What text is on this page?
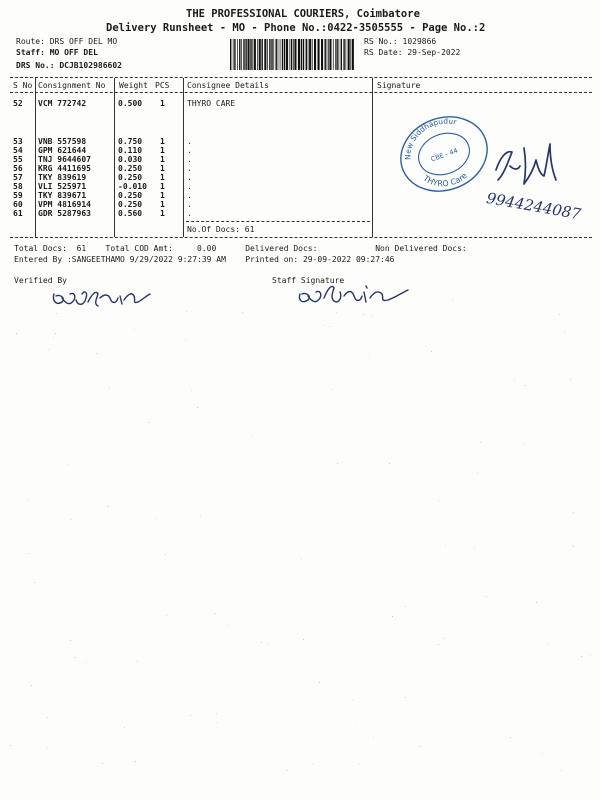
THE PROFESSIONAL COURIERS, Coimbatore
Delivery Runsheet - MO - Phone No.:0422-3505555 - Page No.:2
Route: DRS OFF DEL MO
Staff: MO OFF DEL
DRS No.: DCJB102986602
RS No.: 1029866
RS Date: 29-Sep-2022
S No Consignment No Weight PCS Consignee Details	Signature
52 VCM 772742	0.500 1	THYRO CARE
53 VNB 557598	0.750 1	.
54 GPM 621644	0.110 1	.
55 TNJ 9644607	0.030 1	.
56 KRG 4411695	0.250 1	.
57 TKY 839619	0.250 1	.
58 VLI 525971	-0.010 1	.
59 TKY 839671	0.250 1	.
60 VPM 4816914	0.250 1	.
61 GDR 5287963	0.560 1	.
No.Of Docs: 61
Total Docs:  61    Total COD Amt:     0.00      Delivered Docs:            Non Delivered Docs:
Entered By :SANGEETHAMO 9/29/2022 9:27:39 AM    Printed on: 29-09-2022 09:27:46
Verified By	Staff Signature
New Siddhapudur
THYRO Care
CBE - 44
9944244087
